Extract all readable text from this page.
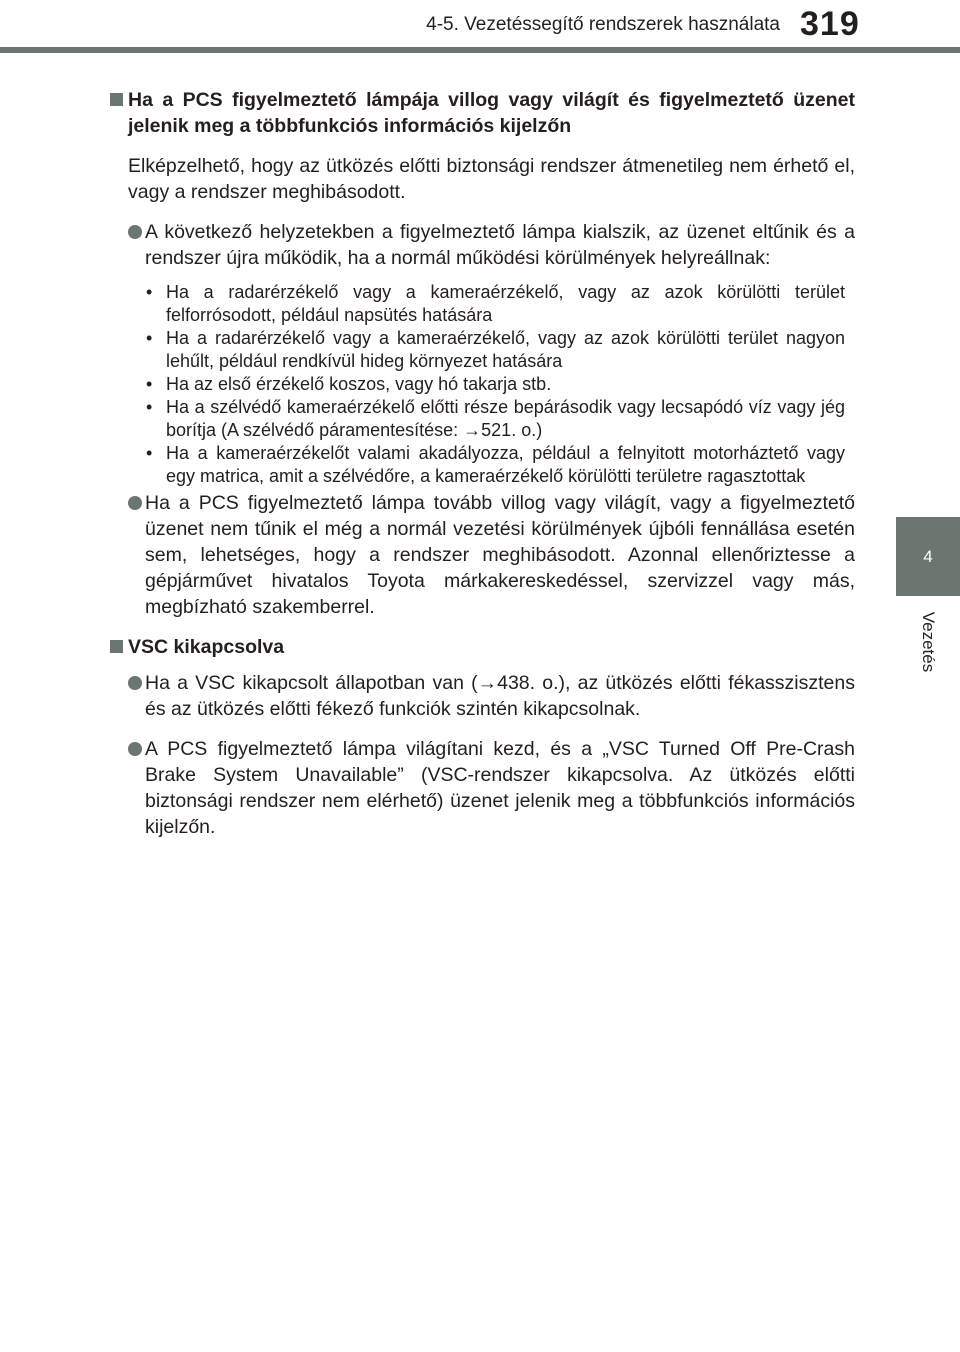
4-5. Vezetéssegítő rendszerek használata 319
4
Vezetés
Ha a PCS figyelmeztető lámpája villog vagy világít és figyelmeztető üzenet jelenik meg a többfunkciós információs kijelzőn
Elképzelhető, hogy az ütközés előtti biztonsági rendszer átmenetileg nem érhető el, vagy a rendszer meghibásodott.
A következő helyzetekben a figyelmeztető lámpa kialszik, az üzenet eltűnik és a rendszer újra működik, ha a normál működési körülmények helyreállnak:
• Ha a radarérzékelő vagy a kameraérzékelő, vagy az azok körülötti terület felforrósodott, például napsütés hatására
• Ha a radarérzékelő vagy a kameraérzékelő, vagy az azok körülötti terület nagyon lehűlt, például rendkívül hideg környezet hatására
• Ha az első érzékelő koszos, vagy hó takarja stb.
• Ha a szélvédő kameraérzékelő előtti része bepárásodik vagy lecsapódó víz vagy jég borítja (A szélvédő páramentesítése: →521. o.)
• Ha a kameraérzékelőt valami akadályozza, például a felnyitott motorháztető vagy egy matrica, amit a szélvédőre, a kameraérzékelő körülötti területre ragasztottak
Ha a PCS figyelmeztető lámpa tovább villog vagy világít, vagy a figyelmeztető üzenet nem tűnik el még a normál vezetési körülmények újbóli fennállása esetén sem, lehetséges, hogy a rendszer meghibásodott. Azonnal ellenőriztesse a gépjárművet hivatalos Toyota márkakereskedéssel, szervizzel vagy más, megbízható szakemberrel.
VSC kikapcsolva
Ha a VSC kikapcsolt állapotban van (→438. o.), az ütközés előtti fékasszisztens és az ütközés előtti fékező funkciók szintén kikapcsolnak.
A PCS figyelmeztető lámpa világítani kezd, és a „VSC Turned Off Pre-Crash Brake System Unavailable” (VSC-rendszer kikapcsolva. Az ütközés előtti biztonsági rendszer nem elérhető) üzenet jelenik meg a többfunkciós információs kijelzőn.
